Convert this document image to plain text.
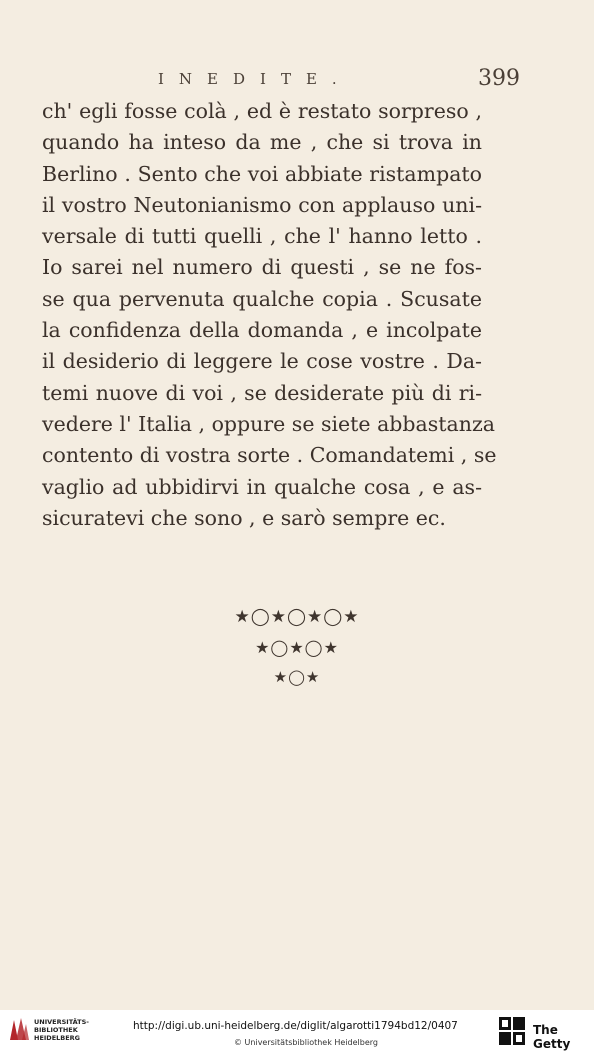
INEDITE.	399
ch' egli fosse colà , ed è restato sorpreso ,
quando ha inteso da me , che si trova in
Berlino . Sento che voi abbiate ristampato
il vostro Neutonianismo con applauso uni-
versale di tutti quelli , che l' hanno letto .
Io sarei nel numero di questi , se ne fos-
se qua pervenuta qualche copia . Scusate
la confidenza della domanda , e incolpate
il desiderio di leggere le cose vostre . Da-
temi nuove di voi , se desiderate più di ri-
vedere l' Italia , oppure se siete abbastanza
contento di vostra sorte . Comandatemi , se
vaglio ad ubbidirvi in qualche cosa , e as-
sicuratevi che sono , e sarò sempre ec.
★◯★◯★◯★
★◯★◯★
★◯★
UNIVERSITÄTS-
BIBLIOTHEK
HEIDELBERG
http://digi.ub.uni-heidelberg.de/diglit/algarotti1794bd12/0407
© Universitätsbibliothek Heidelberg
The Getty
